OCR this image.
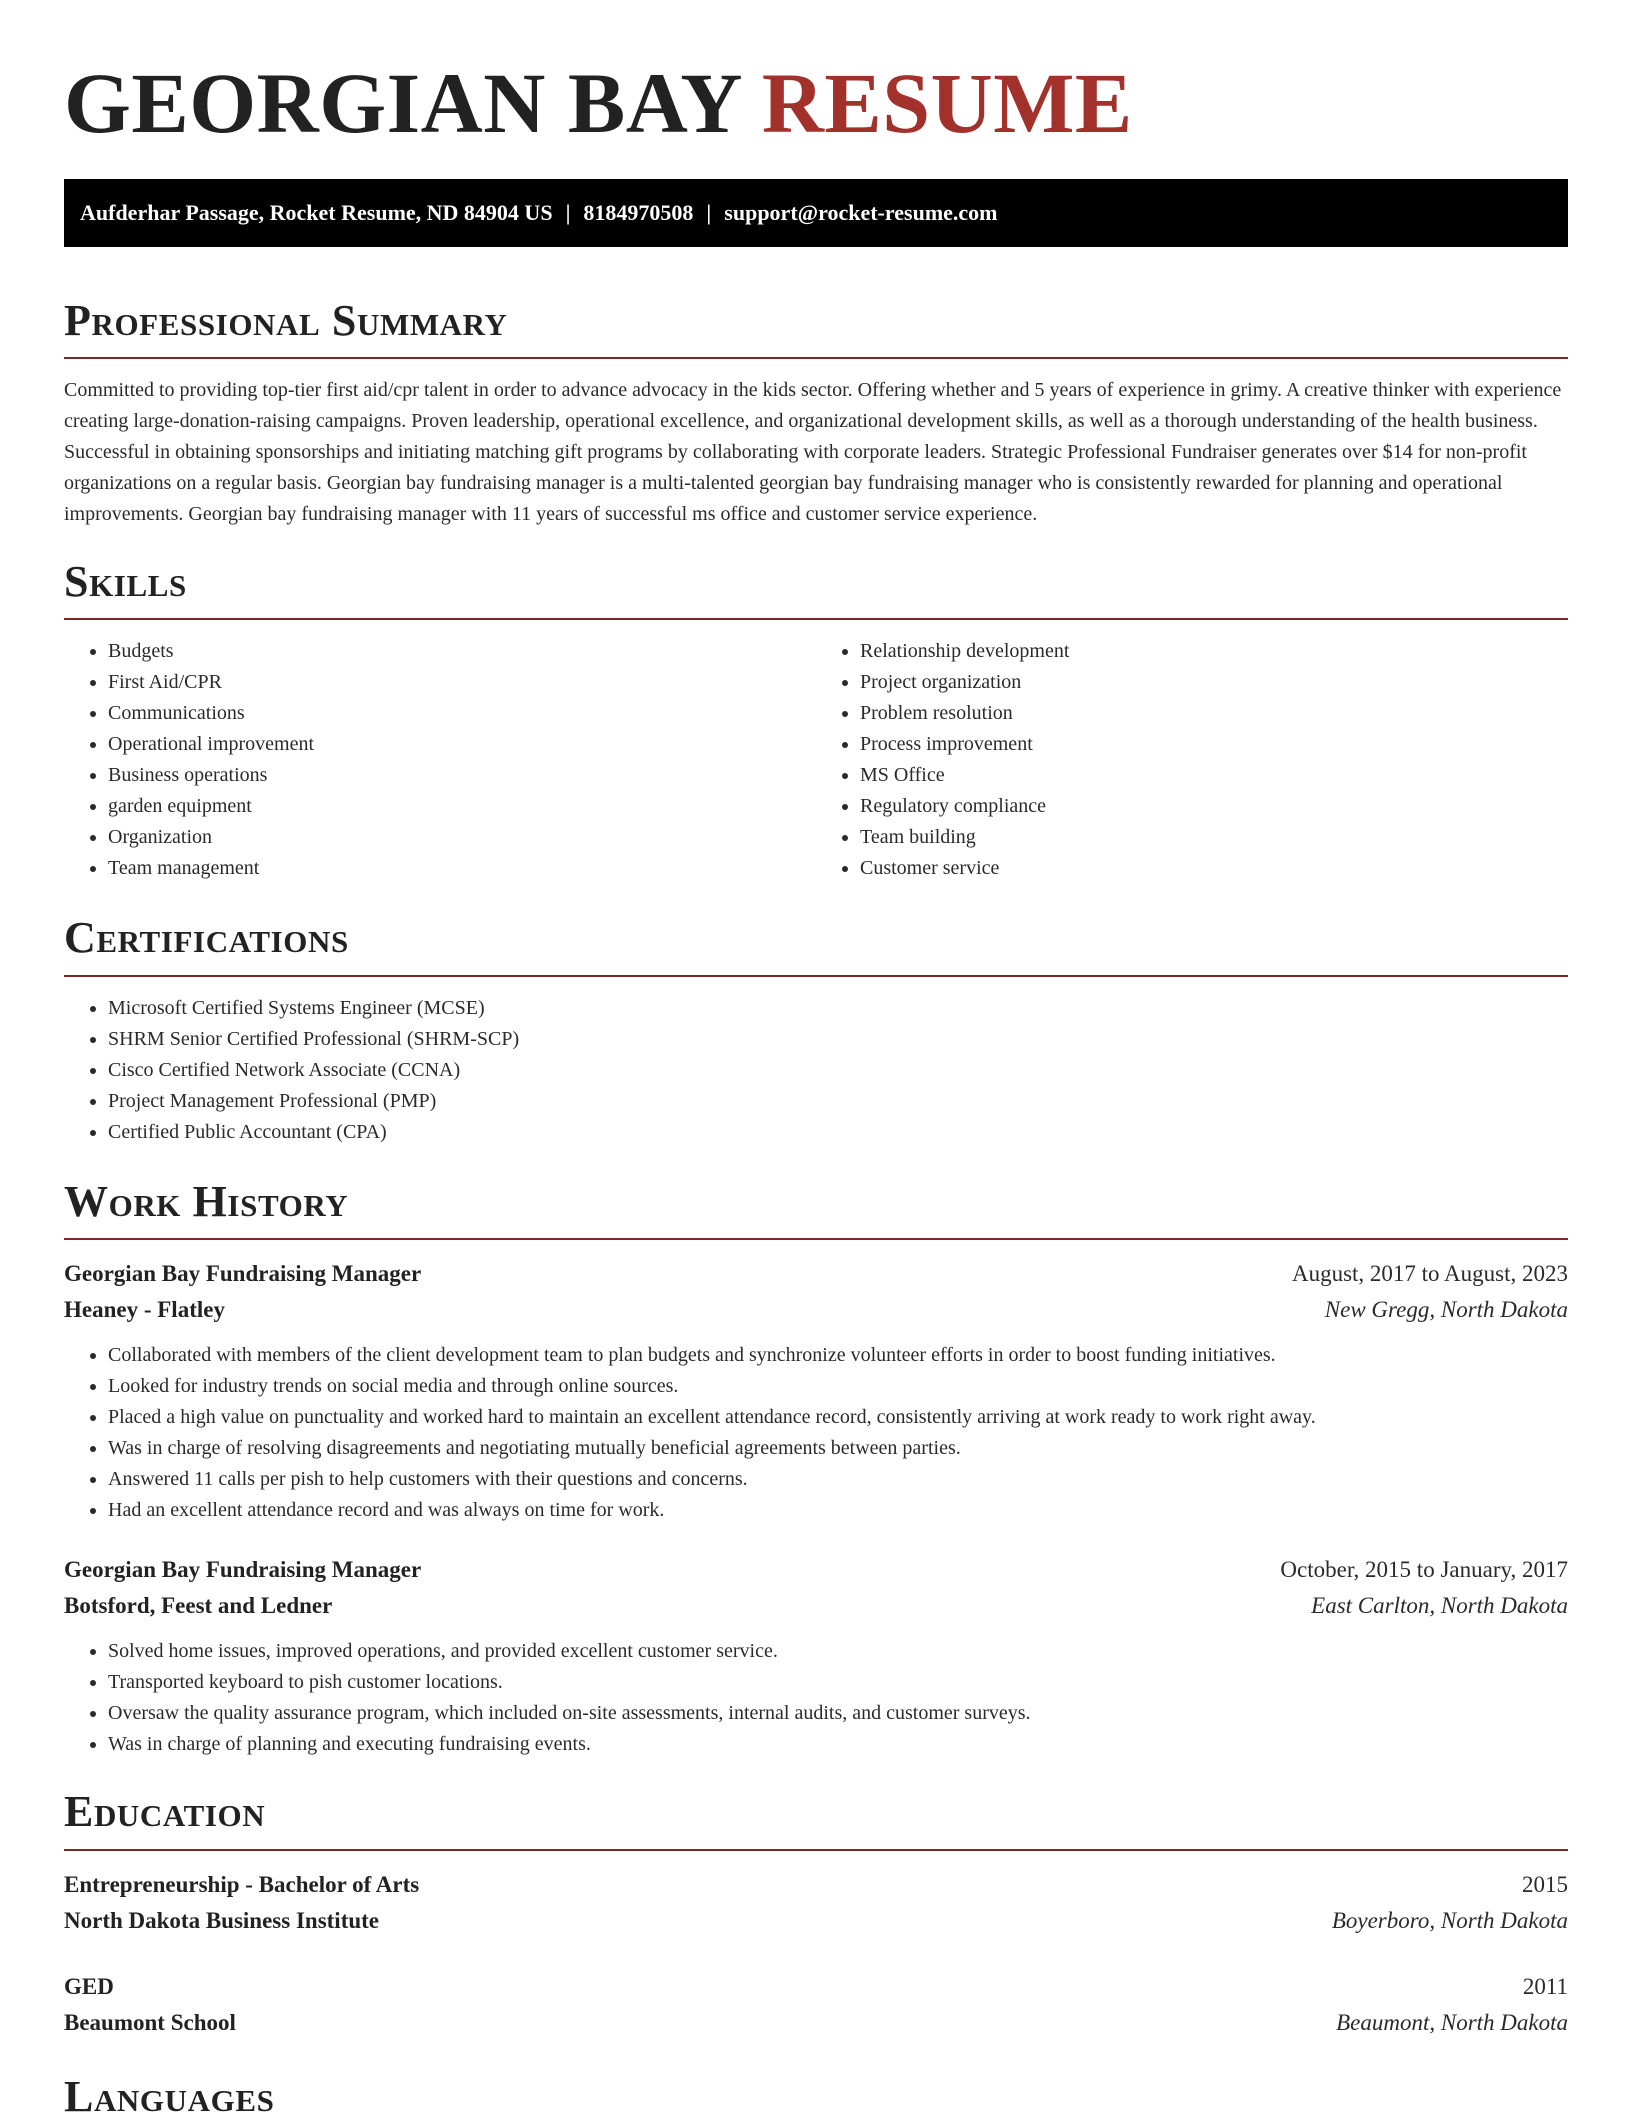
GEORGIAN BAY RESUME
Aufderhar Passage, Rocket Resume, ND 84904 US | 8184970508 | support@rocket-resume.com
Professional Summary

Committed to providing top-tier first aid/cpr talent in order to advance advocacy in the kids sector. Offering whether and 5 years of experience in grimy. A creative thinker with experience creating large-donation-raising campaigns. Proven leadership, operational excellence, and organizational development skills, as well as a thorough understanding of the health business. Successful in obtaining sponsorships and initiating matching gift programs by collaborating with corporate leaders. Strategic Professional Fundraiser generates over $14 for non-profit organizations on a regular basis. Georgian bay fundraising manager is a multi-talented georgian bay fundraising manager who is consistently rewarded for planning and operational improvements. Georgian bay fundraising manager with 11 years of successful ms office and customer service experience.

Skills
• Budgets
• First Aid/CPR
• Communications
• Operational improvement
• Business operations
• garden equipment
• Organization
• Team management
• Relationship development
• Project organization
• Problem resolution
• Process improvement
• MS Office
• Regulatory compliance
• Team building
• Customer service
Certifications
• Microsoft Certified Systems Engineer (MCSE)
• SHRM Senior Certified Professional (SHRM-SCP)
• Cisco Certified Network Associate (CCNA)
• Project Management Professional (PMP)
• Certified Public Accountant (CPA)
Work History
Georgian Bay Fundraising Manager	August, 2017 to August, 2023
Heaney - Flatley	New Gregg, North Dakota
• Collaborated with members of the client development team to plan budgets and synchronize volunteer efforts in order to boost funding initiatives.
• Looked for industry trends on social media and through online sources.
• Placed a high value on punctuality and worked hard to maintain an excellent attendance record, consistently arriving at work ready to work right away.
• Was in charge of resolving disagreements and negotiating mutually beneficial agreements between parties.
• Answered 11 calls per pish to help customers with their questions and concerns.
• Had an excellent attendance record and was always on time for work.
Georgian Bay Fundraising Manager	October, 2015 to January, 2017
Botsford, Feest and Ledner	East Carlton, North Dakota
• Solved home issues, improved operations, and provided excellent customer service.
• Transported keyboard to pish customer locations.
• Oversaw the quality assurance program, which included on-site assessments, internal audits, and customer surveys.
• Was in charge of planning and executing fundraising events.
Education
Entrepreneurship - Bachelor of Arts	2015
North Dakota Business Institute	Boyerboro, North Dakota
GED	2011
Beaumont School	Beaumont, North Dakota
Languages
